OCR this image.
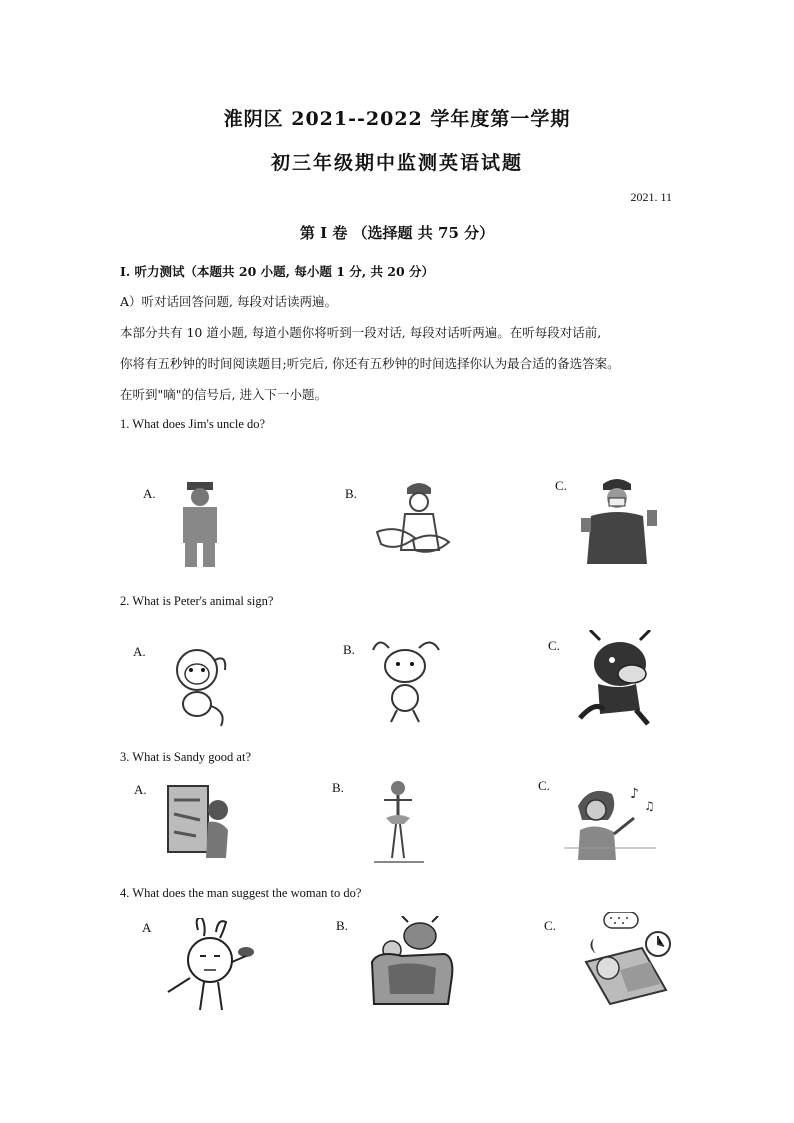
淮阴区 2021--2022 学年度第一学期
初三年级期中监测英语试题
2021. 11
第 I 卷 （选择题 共 75 分）
I. 听力测试（本题共 20 小题, 每小题 1 分, 共 20 分）
A）听对话回答问题, 每段对话读两遍。
本部分共有 10 道小题, 每道小题你将听到一段对话, 每段对话听两遍。在听每段对话前,
你将有五秒钟的时间阅读题目;听完后, 你还有五秒钟的时间选择你认为最合适的备选答案。
在听到"嘀"的信号后, 进入下一小题。
1. What does Jim's uncle do?
A.	B.
C.
2. What is Peter's animal sign?
A.	B.	C.
3. What is Sandy good at?
A.	B.	C.
♪
♫
4. What does the man suggest the woman to do?
A	B.	C.
